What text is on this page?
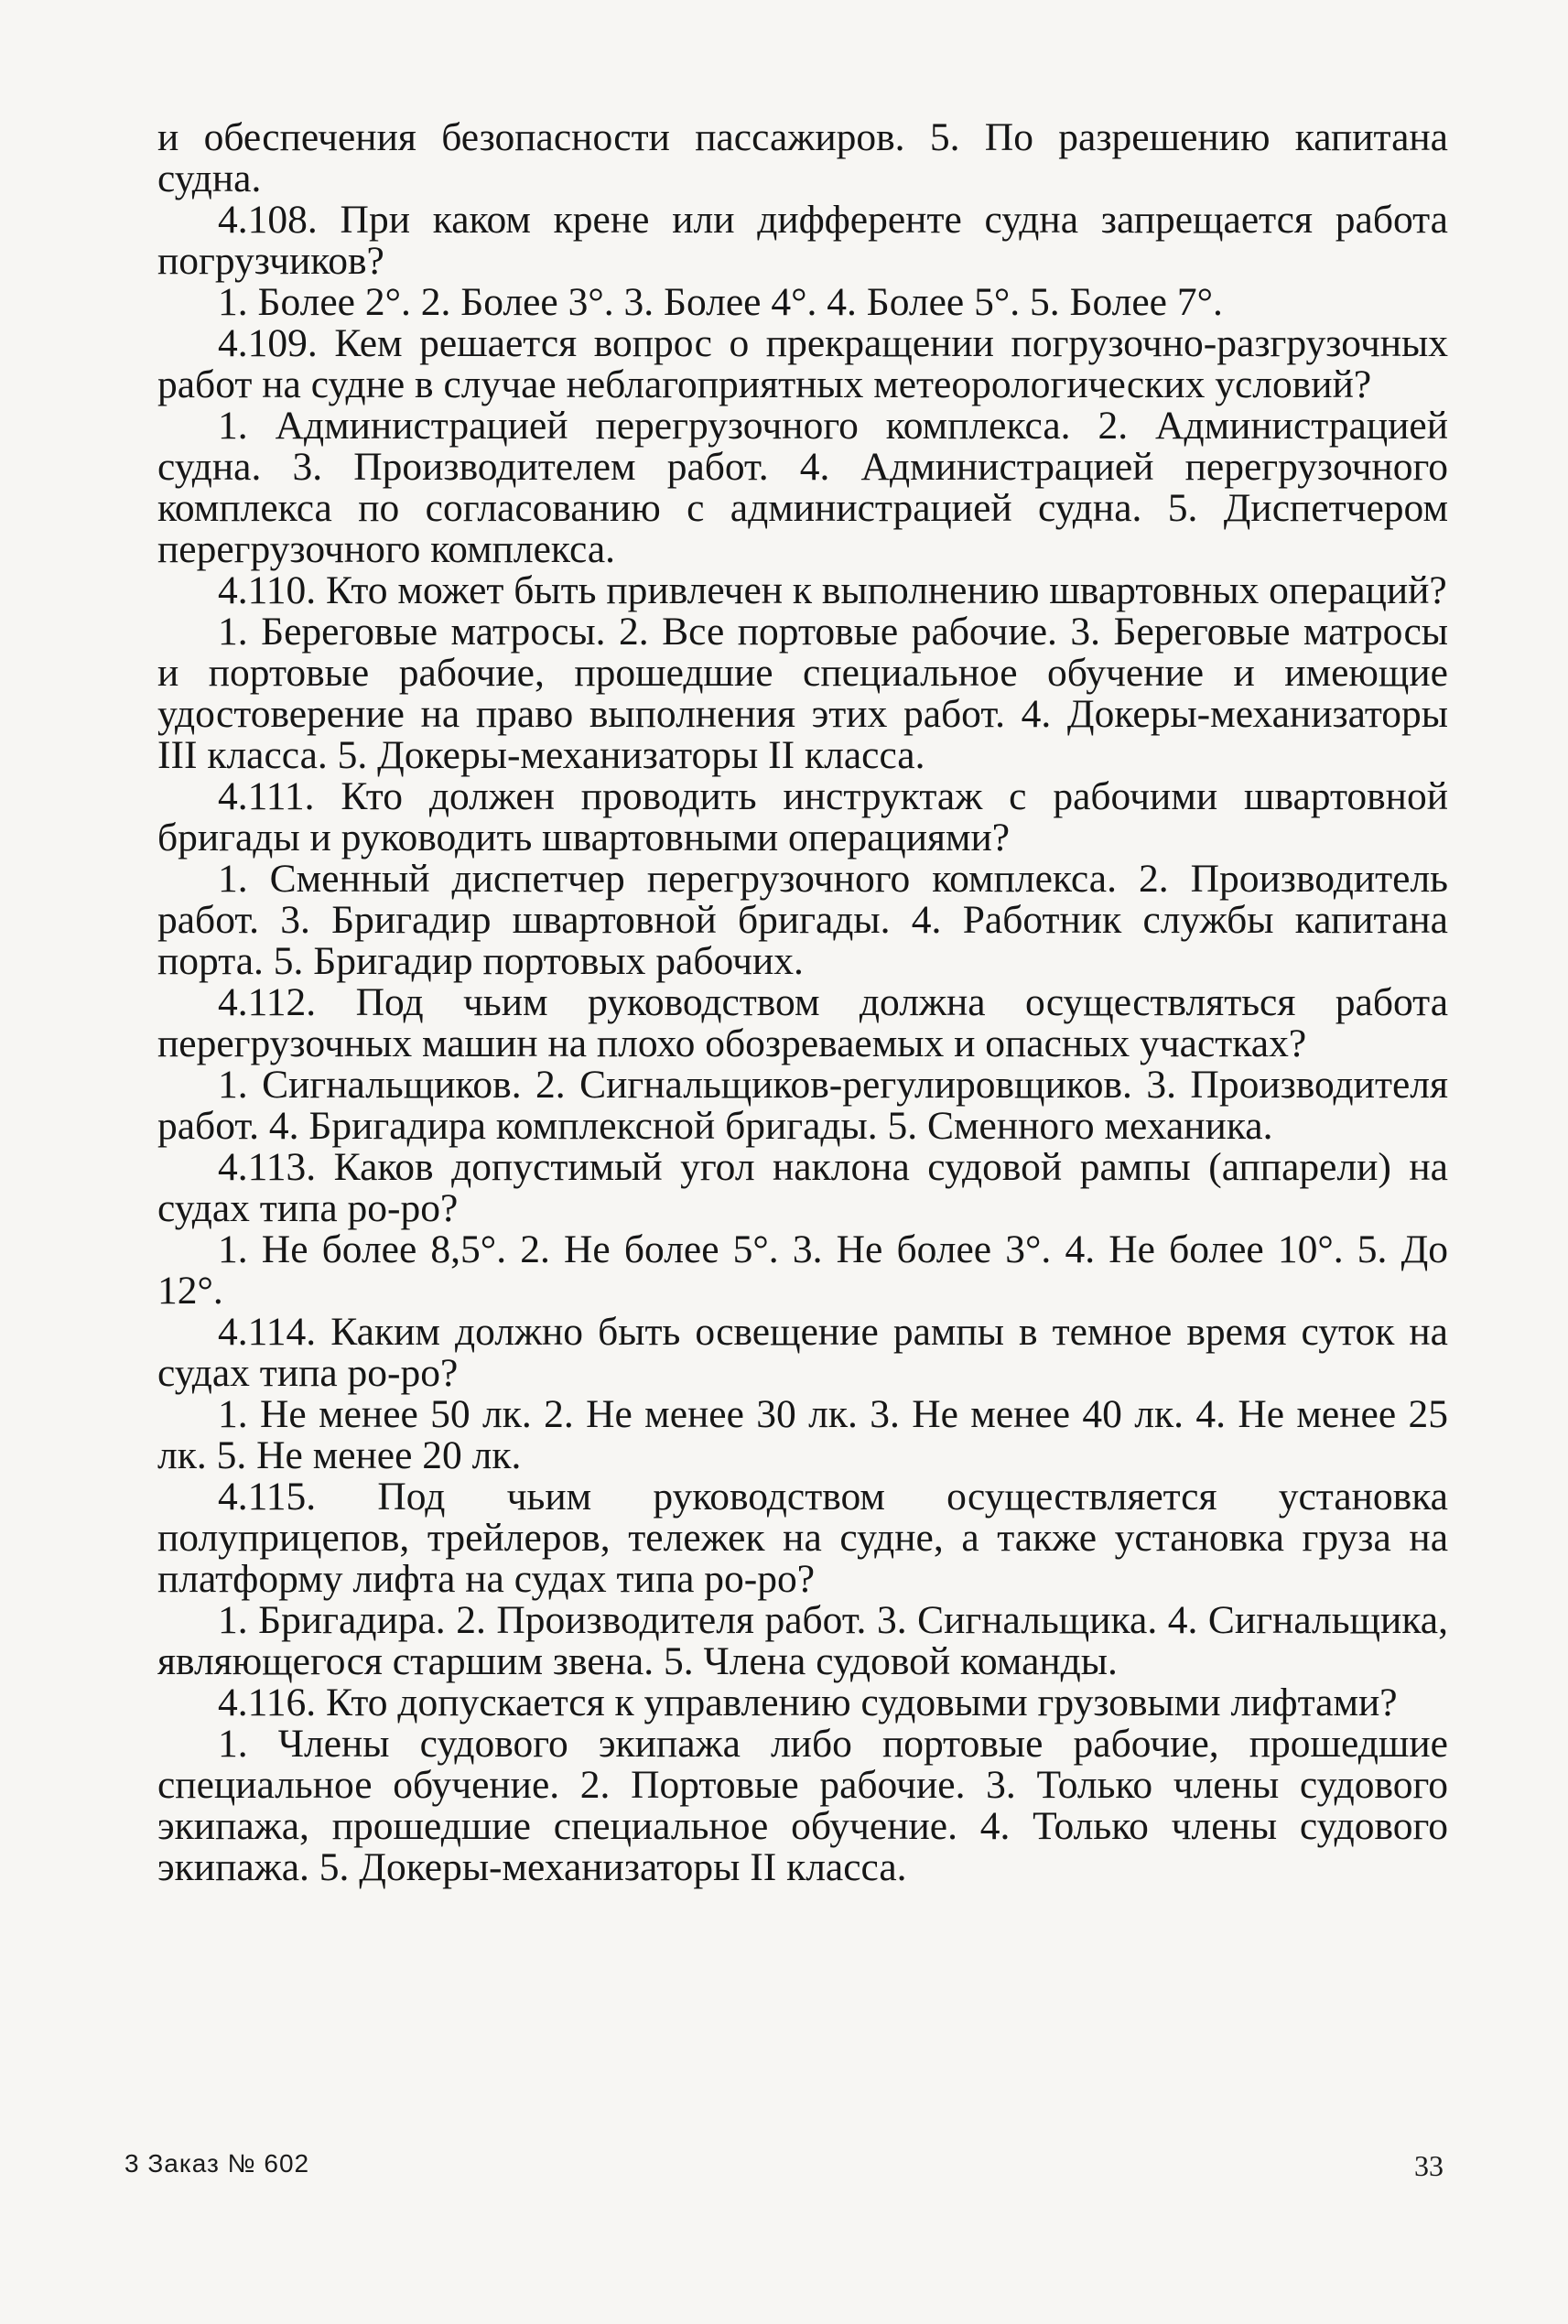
и обеспечения безопасности пассажиров. 5. По разрешению капитана судна.

4.108. При каком крене или дифференте судна запрещается работа погрузчиков?

1. Более 2°. 2. Более 3°. 3. Более 4°. 4. Более 5°. 5. Более 7°.

4.109. Кем решается вопрос о прекращении погрузочно-разгрузочных работ на судне в случае неблагоприятных метеорологических условий?

1. Администрацией перегрузочного комплекса. 2. Администрацией судна. 3. Производителем работ. 4. Администрацией перегрузочного комплекса по согласованию с администрацией судна. 5. Диспетчером перегрузочного комплекса.

4.110. Кто может быть привлечен к выполнению швартовных операций?

1. Береговые матросы. 2. Все портовые рабочие. 3. Береговые матросы и портовые рабочие, прошедшие специальное обучение и имеющие удостоверение на право выполнения этих работ. 4. Докеры-механизаторы III класса. 5. Докеры-механизаторы II класса.

4.111. Кто должен проводить инструктаж с рабочими швартовной бригады и руководить швартовными операциями?

1. Сменный диспетчер перегрузочного комплекса. 2. Производитель работ. 3. Бригадир швартовной бригады. 4. Работник службы капитана порта. 5. Бригадир портовых рабочих.

4.112. Под чьим руководством должна осуществляться работа перегрузочных машин на плохо обозреваемых и опасных участках?

1. Сигнальщиков. 2. Сигнальщиков-регулировщиков. 3. Производителя работ. 4. Бригадира комплексной бригады. 5. Сменного механика.

4.113. Каков допустимый угол наклона судовой рампы (аппарели) на судах типа ро-ро?

1. Не более 8,5°. 2. Не более 5°. 3. Не более 3°. 4. Не более 10°. 5. До 12°.

4.114. Каким должно быть освещение рампы в темное время суток на судах типа ро-ро?

1. Не менее 50 лк. 2. Не менее 30 лк. 3. Не менее 40 лк. 4. Не менее 25 лк. 5. Не менее 20 лк.

4.115. Под чьим руководством осуществляется установка полуприцепов, трейлеров, тележек на судне, а также установка груза на платформу лифта на судах типа ро-ро?

1. Бригадира. 2. Производителя работ. 3. Сигнальщика. 4. Сигнальщика, являющегося старшим звена. 5. Члена судовой команды.

4.116. Кто допускается к управлению судовыми грузовыми лифтами?

1. Члены судового экипажа либо портовые рабочие, прошедшие специальное обучение. 2. Портовые рабочие. 3. Только члены судового экипажа, прошедшие специальное обучение. 4. Только члены судового экипажа. 5. Докеры-механизаторы II класса.

3 Заказ № 602	33
